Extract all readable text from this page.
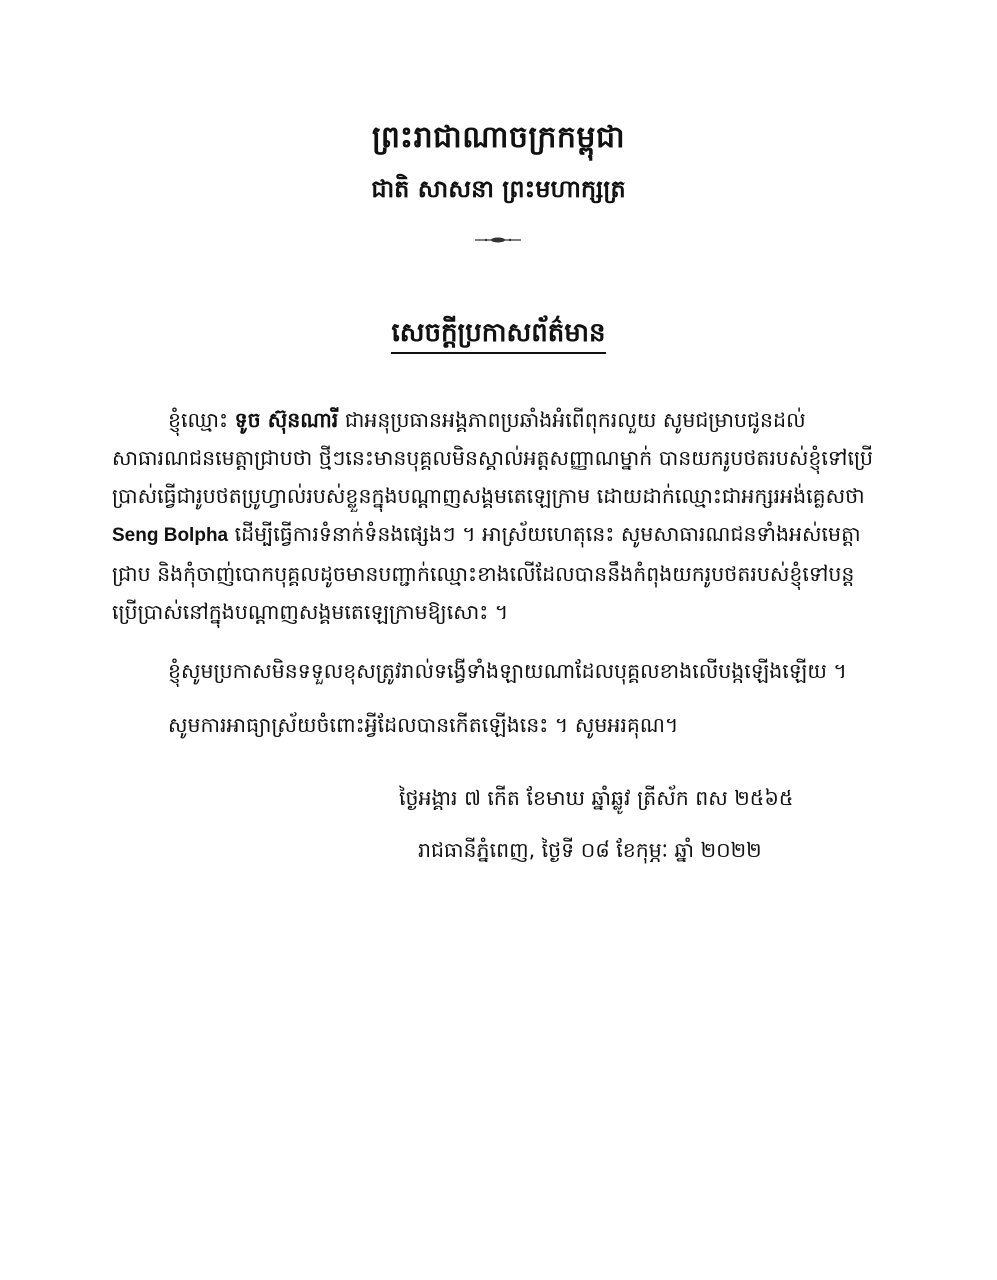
ព្រះរាជាណាចក្រកម្ពុជា
ជាតិ សាសនា ព្រះមហាក្សត្រ
សេចក្ដីប្រកាសព័ត៌មាន

ខ្ញុំឈ្មោះ ទូច ស៊ុនណារី ជាអនុប្រធានអង្គភាពប្រឆាំងអំពើពុករលួយ សូមជម្រាបជូនដល់
សាធារណជនមេត្តាជ្រាបថា ថ្មីៗនេះមានបុគ្គលមិនស្គាល់អត្តសញ្ញាណម្នាក់ បានយករូបថតរបស់ខ្ញុំទៅប្រើ
ប្រាស់ធ្វើជារូបថតប្រូហ្វាល់របស់ខ្លួនក្នុងបណ្ដាញសង្គមតេឡេក្រាម ដោយដាក់ឈ្មោះជាអក្សរអង់គ្លេសថា
Seng Bolpha ដើម្បីធ្វើការទំនាក់ទំនងផ្សេងៗ ។ អាស្រ័យហេតុនេះ សូមសាធារណជនទាំងអស់មេត្តា
ជ្រាប និងកុំចាញ់បោកបុគ្គលដូចមានបញ្ជាក់ឈ្មោះខាងលើដែលបាននឹងកំពុងយករូបថតរបស់ខ្ញុំទៅបន្ត
ប្រើប្រាស់នៅក្នុងបណ្ដាញសង្គមតេឡេក្រាមឱ្យសោះ ។

ខ្ញុំសូមប្រកាសមិនទទួលខុសត្រូវរាល់ទង្វើទាំងឡាយណាដែលបុគ្គលខាងលើបង្កឡើងឡើយ ។

សូមការអាធ្យាស្រ័យចំពោះអ្វីដែលបានកើតឡើងនេះ ។ សូមអរគុណ។

ថ្ងៃអង្គារ ៧ កើត ខែមាឃ ឆ្នាំឆ្លូវ ត្រីស័ក ពស ២៥៦៥
រាជធានីភ្នំពេញ, ថ្ងៃទី ០៨ ខែកុម្ភៈ ឆ្នាំ ២០២២
